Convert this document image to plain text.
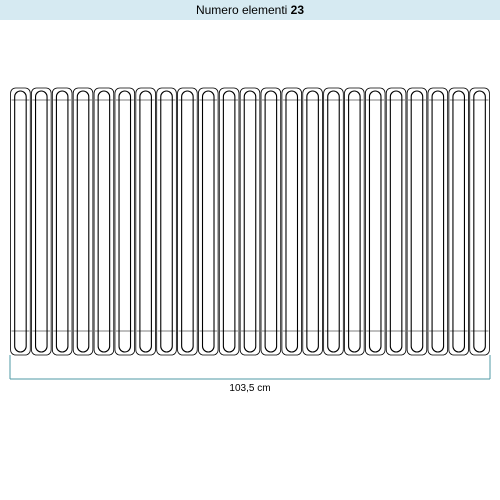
Numero elementi 23
103,5 cm
